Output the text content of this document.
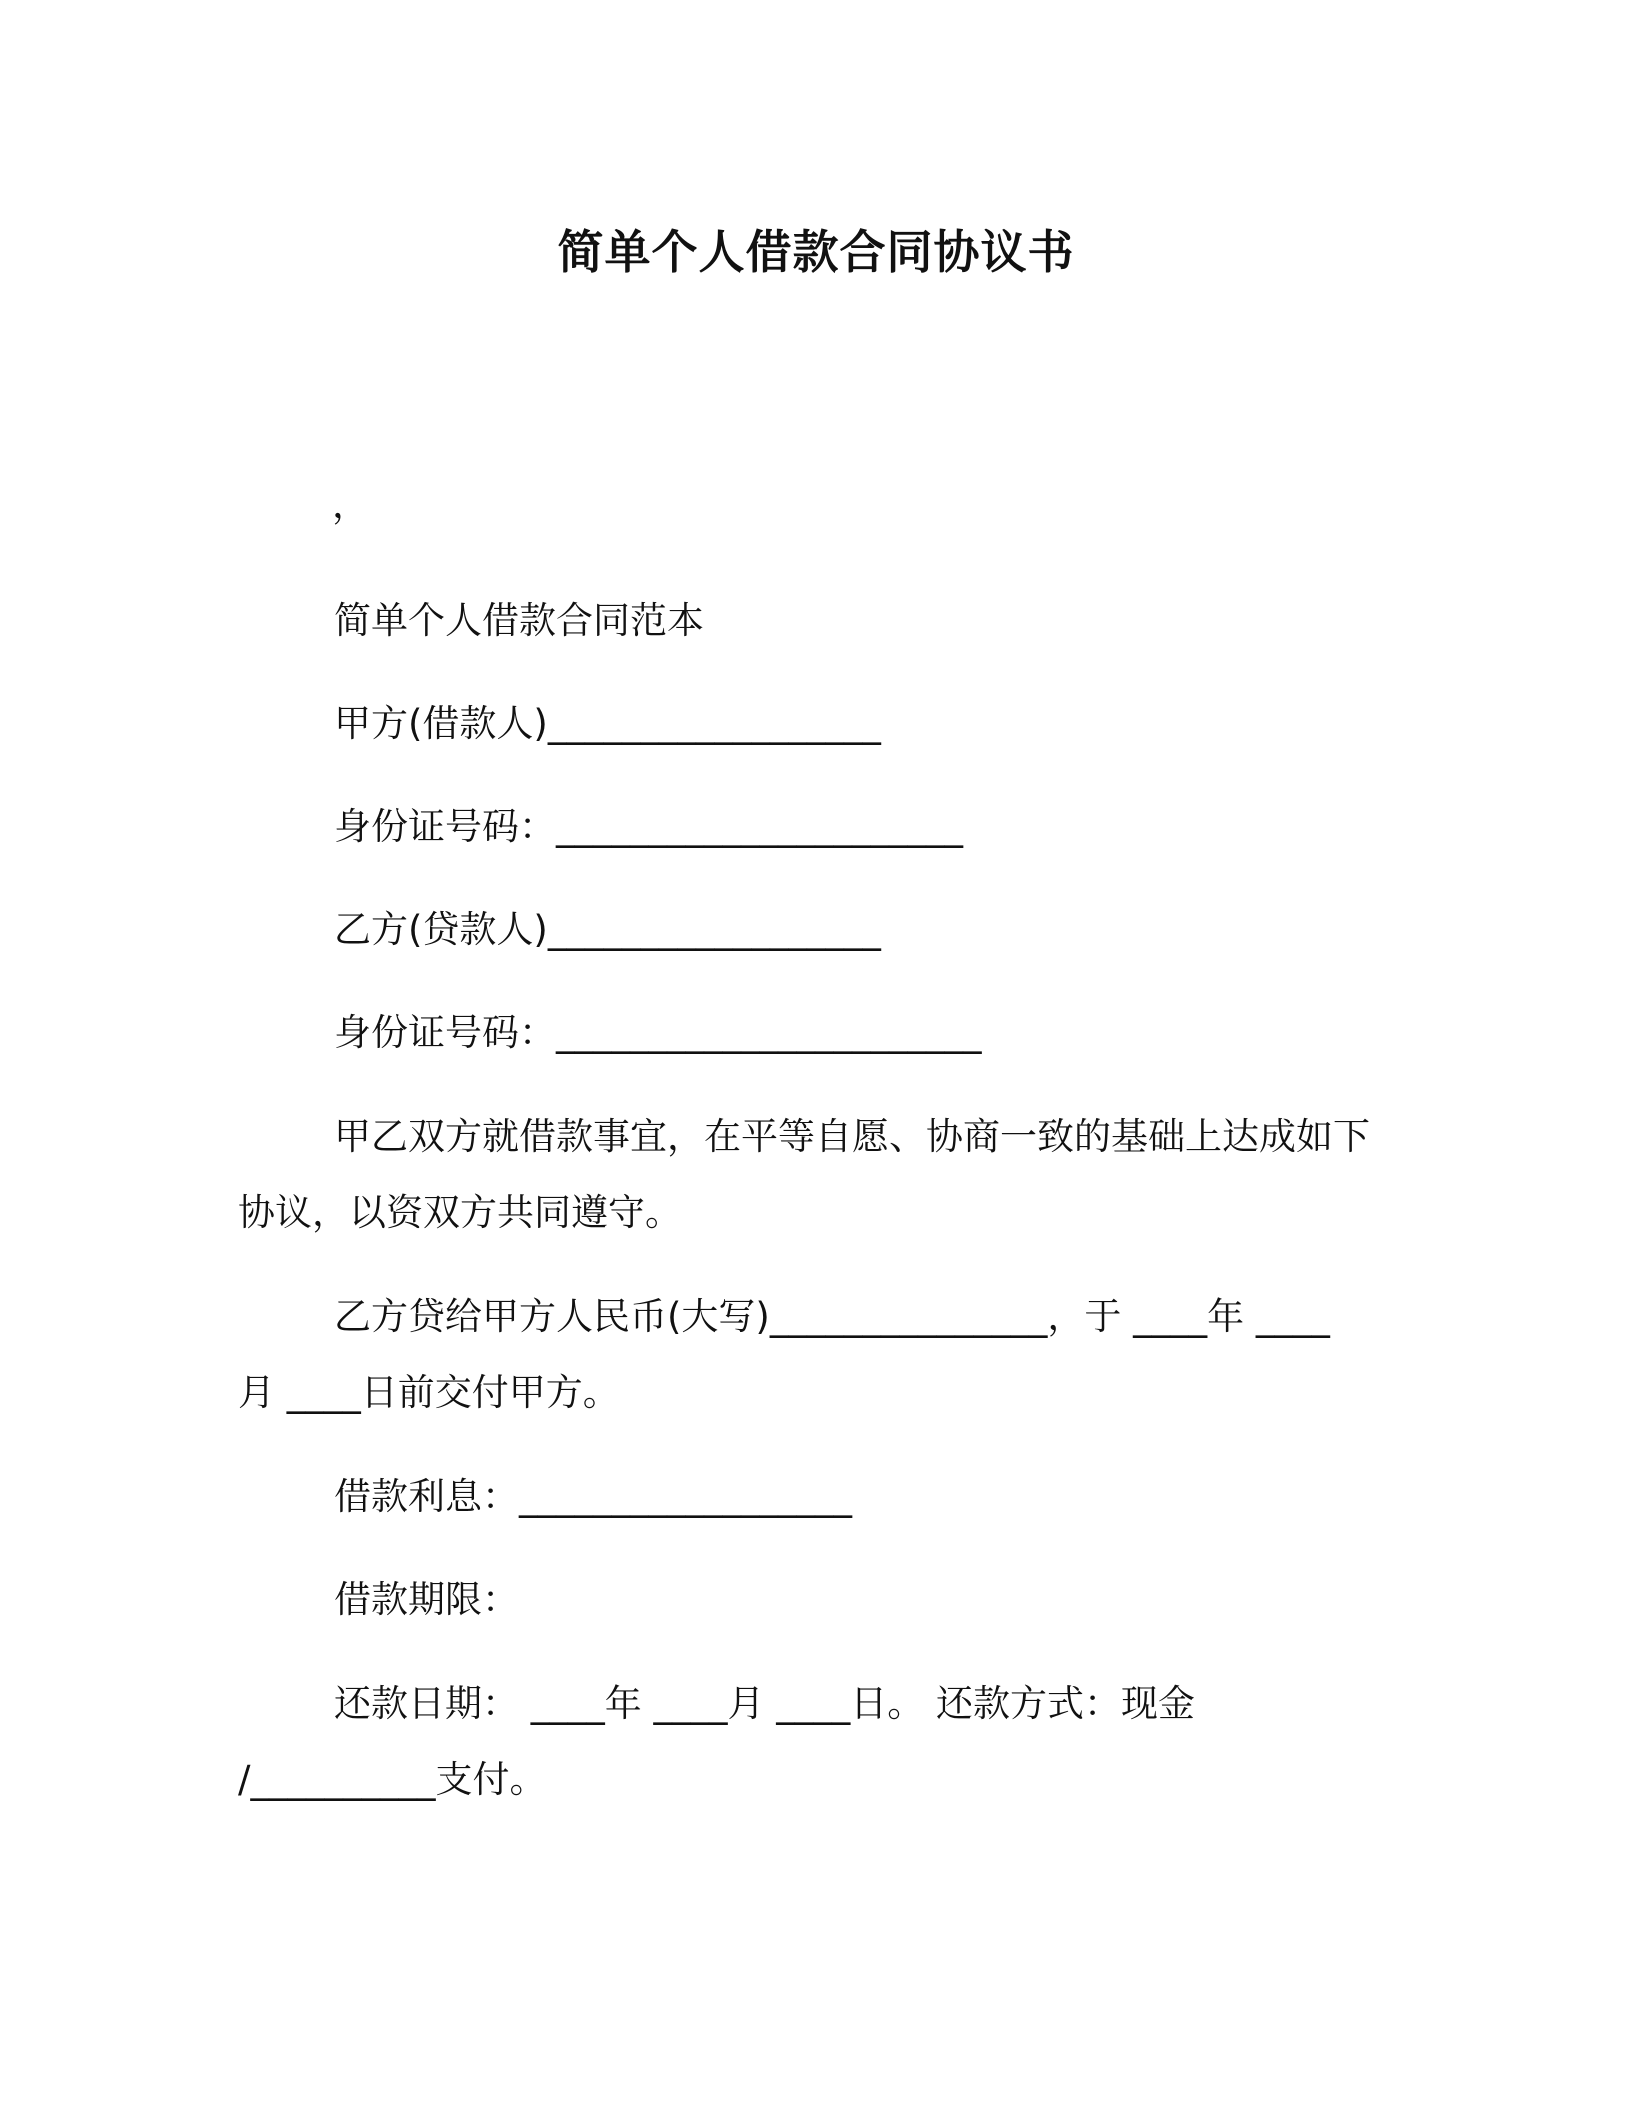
简单个人借款合同协议书
，
简单个人借款合同范本
甲方(借款人)__________________
身份证号码：______________________
乙方(贷款人)__________________
身份证号码：_______________________
甲乙双方就借款事宜，在平等自愿、协商一致的基础上达成如下
协议，以资双方共同遵守。
乙方贷给甲方人民币(大写)_______________，于 ____年 ____
月 ____日前交付甲方。
借款利息：__________________
借款期限：
还款日期： ____年 ____月 ____日。 还款方式：现金
/__________支付。
